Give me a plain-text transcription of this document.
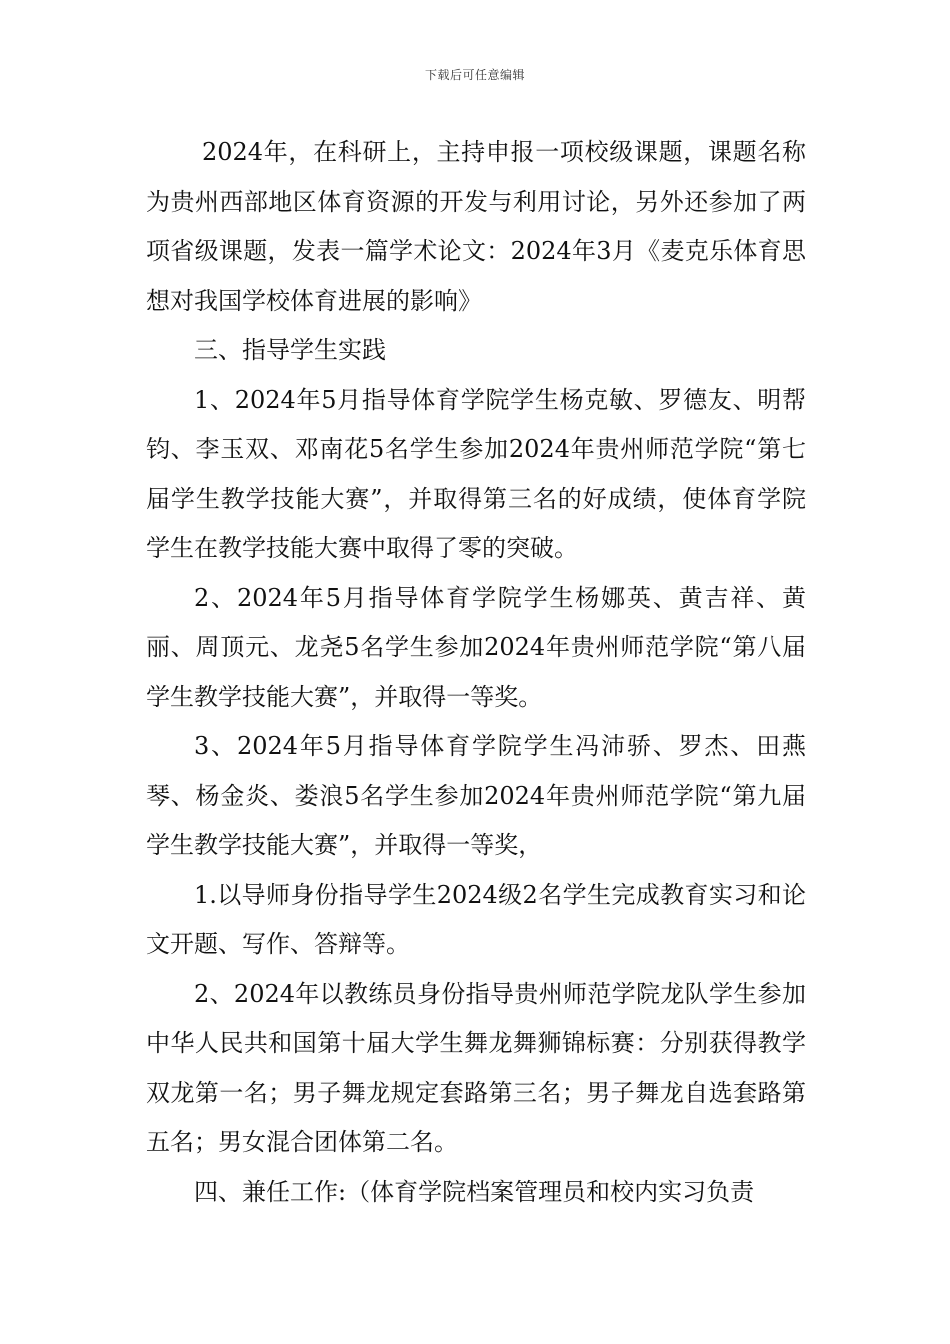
下载后可任意编辑

2024年，在科研上，主持申报一项校级课题，课题名称为贵州西部地区体育资源的开发与利用讨论，另外还参加了两项省级课题，发表一篇学术论文：2024年3月《麦克乐体育思想对我国学校体育进展的影响》

三、指导学生实践

1、2024年5月指导体育学院学生杨克敏、罗德友、明帮钧、李玉双、邓南花5名学生参加2024年贵州师范学院“第七届学生教学技能大赛”，并取得第三名的好成绩，使体育学院学生在教学技能大赛中取得了零的突破。

2、2024年5月指导体育学院学生杨娜英、黄吉祥、黄丽、周顶元、龙尧5名学生参加2024年贵州师范学院“第八届学生教学技能大赛”，并取得一等奖。

3、2024年5月指导体育学院学生冯沛骄、罗杰、田燕琴、杨金炎、娄浪5名学生参加2024年贵州师范学院“第九届学生教学技能大赛”，并取得一等奖，

1.以导师身份指导学生2024级2名学生完成教育实习和论文开题、写作、答辩等。

2、2024年以教练员身份指导贵州师范学院龙队学生参加中华人民共和国第十届大学生舞龙舞狮锦标赛：分别获得教学双龙第一名；男子舞龙规定套路第三名；男子舞龙自选套路第五名；男女混合团体第二名。

四、兼任工作:（体育学院档案管理员和校内实习负责
